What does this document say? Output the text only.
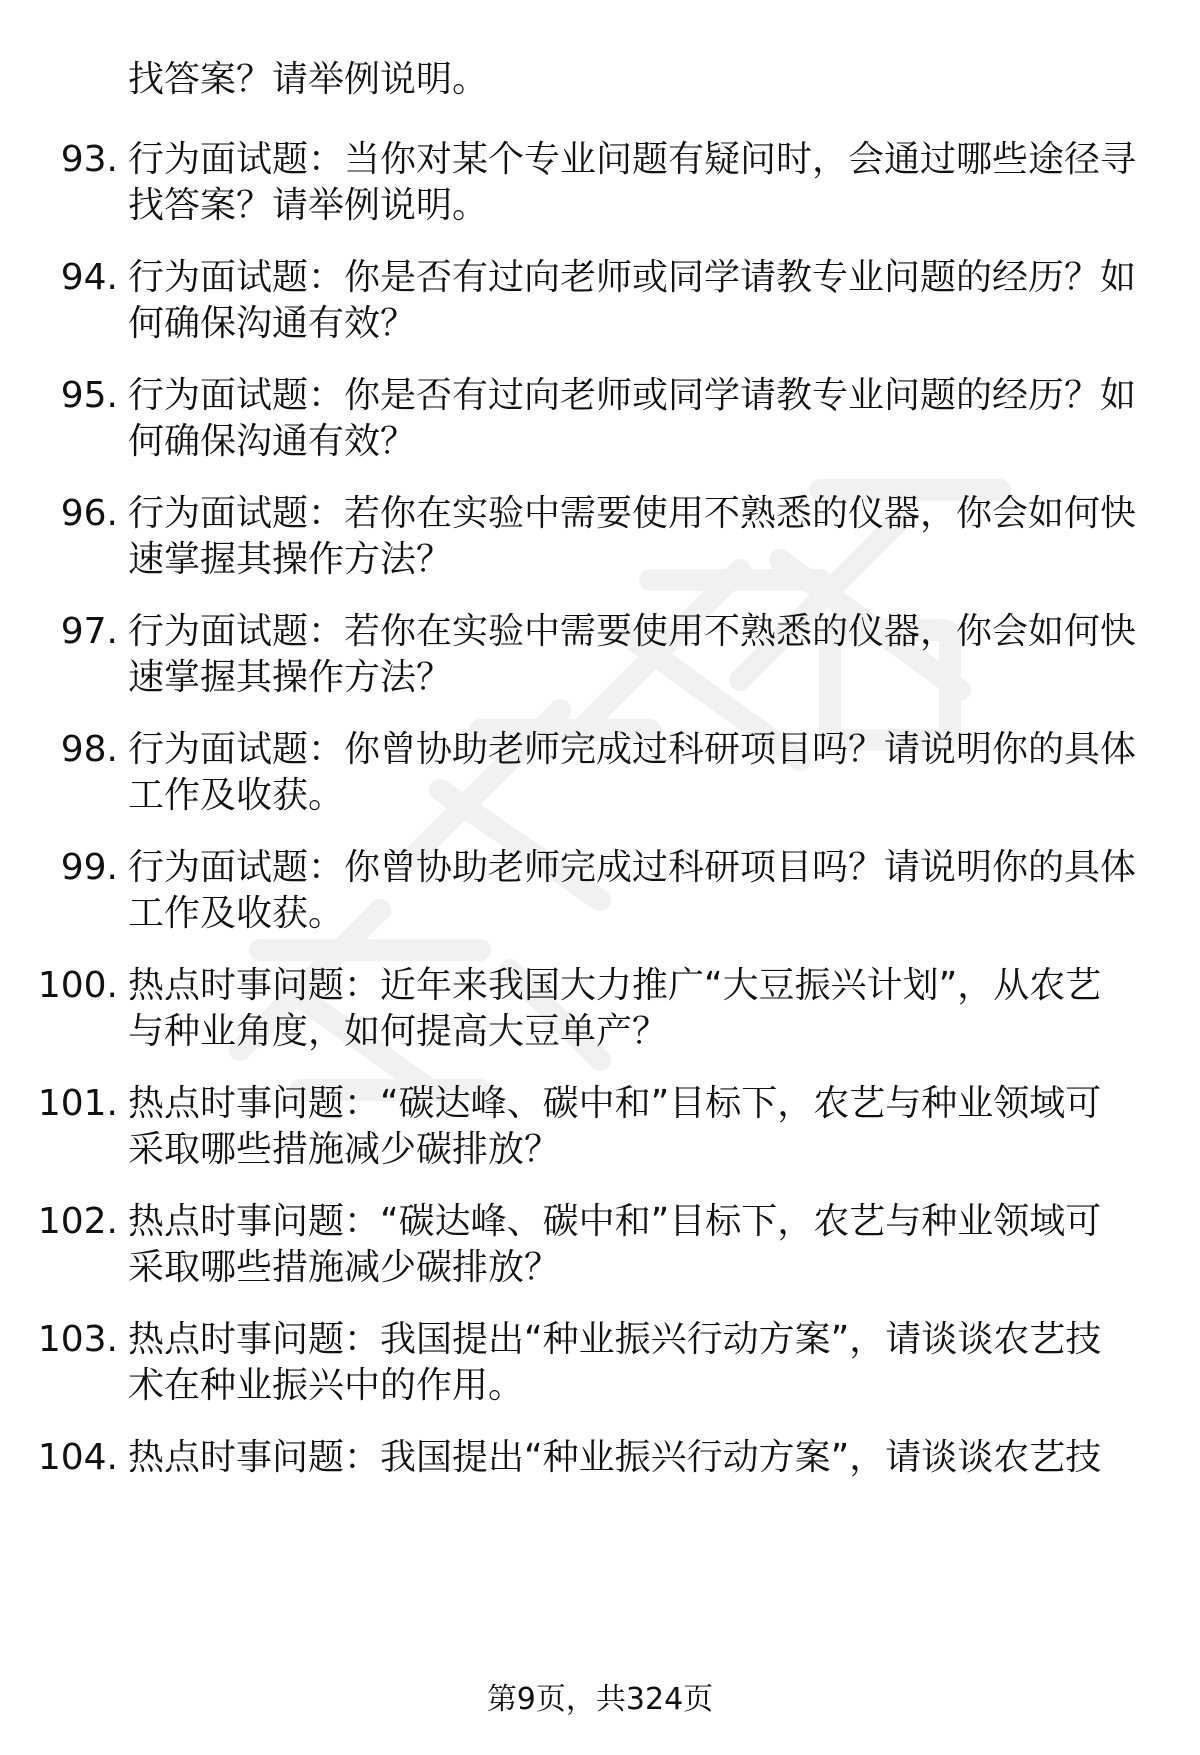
找答案？请举例说明。
93. 行为面试题：当你对某个专业问题有疑问时，会通过哪些途径寻
找答案？请举例说明。
94. 行为面试题：你是否有过向老师或同学请教专业问题的经历？如
何确保沟通有效？
95. 行为面试题：你是否有过向老师或同学请教专业问题的经历？如
何确保沟通有效？
96. 行为面试题：若你在实验中需要使用不熟悉的仪器，你会如何快
速掌握其操作方法？
97. 行为面试题：若你在实验中需要使用不熟悉的仪器，你会如何快
速掌握其操作方法？
98. 行为面试题：你曾协助老师完成过科研项目吗？请说明你的具体
工作及收获。
99. 行为面试题：你曾协助老师完成过科研项目吗？请说明你的具体
工作及收获。
100. 热点时事问题：近年来我国大力推广“大豆振兴计划”，从农艺
与种业角度，如何提高大豆单产？
101. 热点时事问题：“碳达峰、碳中和”目标下，农艺与种业领域可
采取哪些措施减少碳排放？
102. 热点时事问题：“碳达峰、碳中和”目标下，农艺与种业领域可
采取哪些措施减少碳排放？
103. 热点时事问题：我国提出“种业振兴行动方案”，请谈谈农艺技
术在种业振兴中的作用。
104. 热点时事问题：我国提出“种业振兴行动方案”，请谈谈农艺技
第9页，共324页
